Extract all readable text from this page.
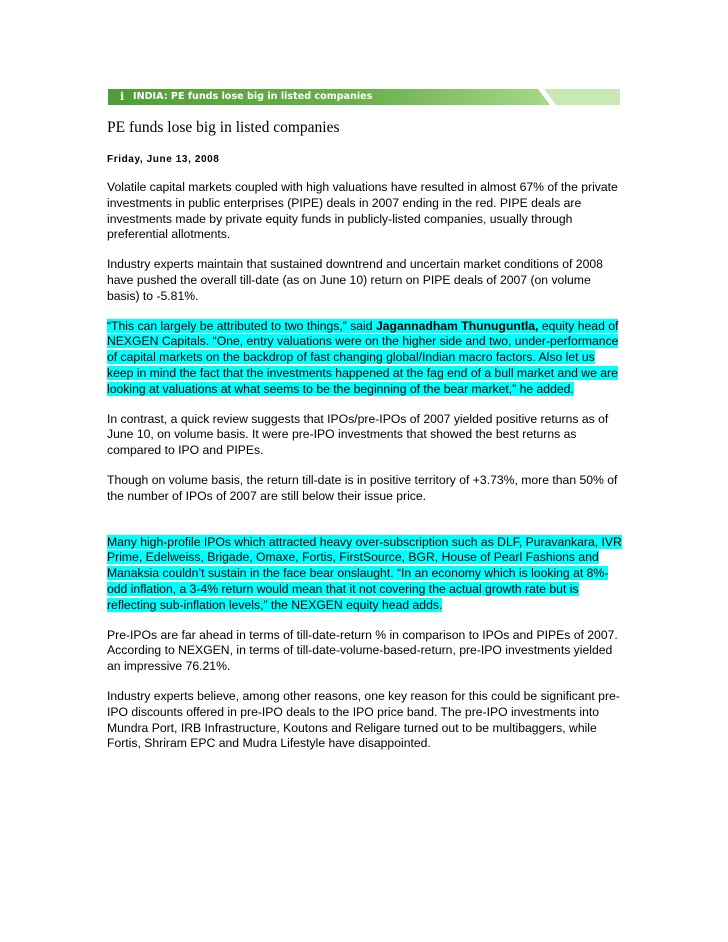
i INDIA: PE funds lose big in listed companies
PE funds lose big in listed companies
Friday, June 13, 2008

Volatile capital markets coupled with high valuations have resulted in almost 67% of the private investments in public enterprises (PIPE) deals in 2007 ending in the red. PIPE deals are investments made by private equity funds in publicly-listed companies, usually through preferential allotments.

Industry experts maintain that sustained downtrend and uncertain market conditions of 2008 have pushed the overall till-date (as on June 10) return on PIPE deals of 2007 (on volume basis) to -5.81%.

“This can largely be attributed to two things,” said Jagannadham Thunuguntla, equity head of NEXGEN Capitals. “One, entry valuations were on the higher side and two, under-performance of capital markets on the backdrop of fast changing global/Indian macro factors. Also let us keep in mind the fact that the investments happened at the fag end of a bull market and we are looking at valuations at what seems to be the beginning of the bear market,” he added.

In contrast, a quick review suggests that IPOs/pre-IPOs of 2007 yielded positive returns as of June 10, on volume basis. It were pre-IPO investments that showed the best returns as compared to IPO and PIPEs.

Though on volume basis, the return till-date is in positive territory of +3.73%, more than 50% of the number of IPOs of 2007 are still below their issue price.

Many high-profile IPOs which attracted heavy over-subscription such as DLF, Puravankara, IVR Prime, Edelweiss, Brigade, Omaxe, Fortis, FirstSource, BGR, House of Pearl Fashions and Manaksia couldn’t sustain in the face bear onslaught. “In an economy which is looking at 8%-odd inflation, a 3-4% return would mean that it not covering the actual growth rate but is reflecting sub-inflation levels,” the NEXGEN equity head adds.

Pre-IPOs are far ahead in terms of till-date-return % in comparison to IPOs and PIPEs of 2007. According to NEXGEN, in terms of till-date-volume-based-return, pre-IPO investments yielded an impressive 76.21%.

Industry experts believe, among other reasons, one key reason for this could be significant pre-IPO discounts offered in pre-IPO deals to the IPO price band. The pre-IPO investments into Mundra Port, IRB Infrastructure, Koutons and Religare turned out to be multibaggers, while Fortis, Shriram EPC and Mudra Lifestyle have disappointed.
